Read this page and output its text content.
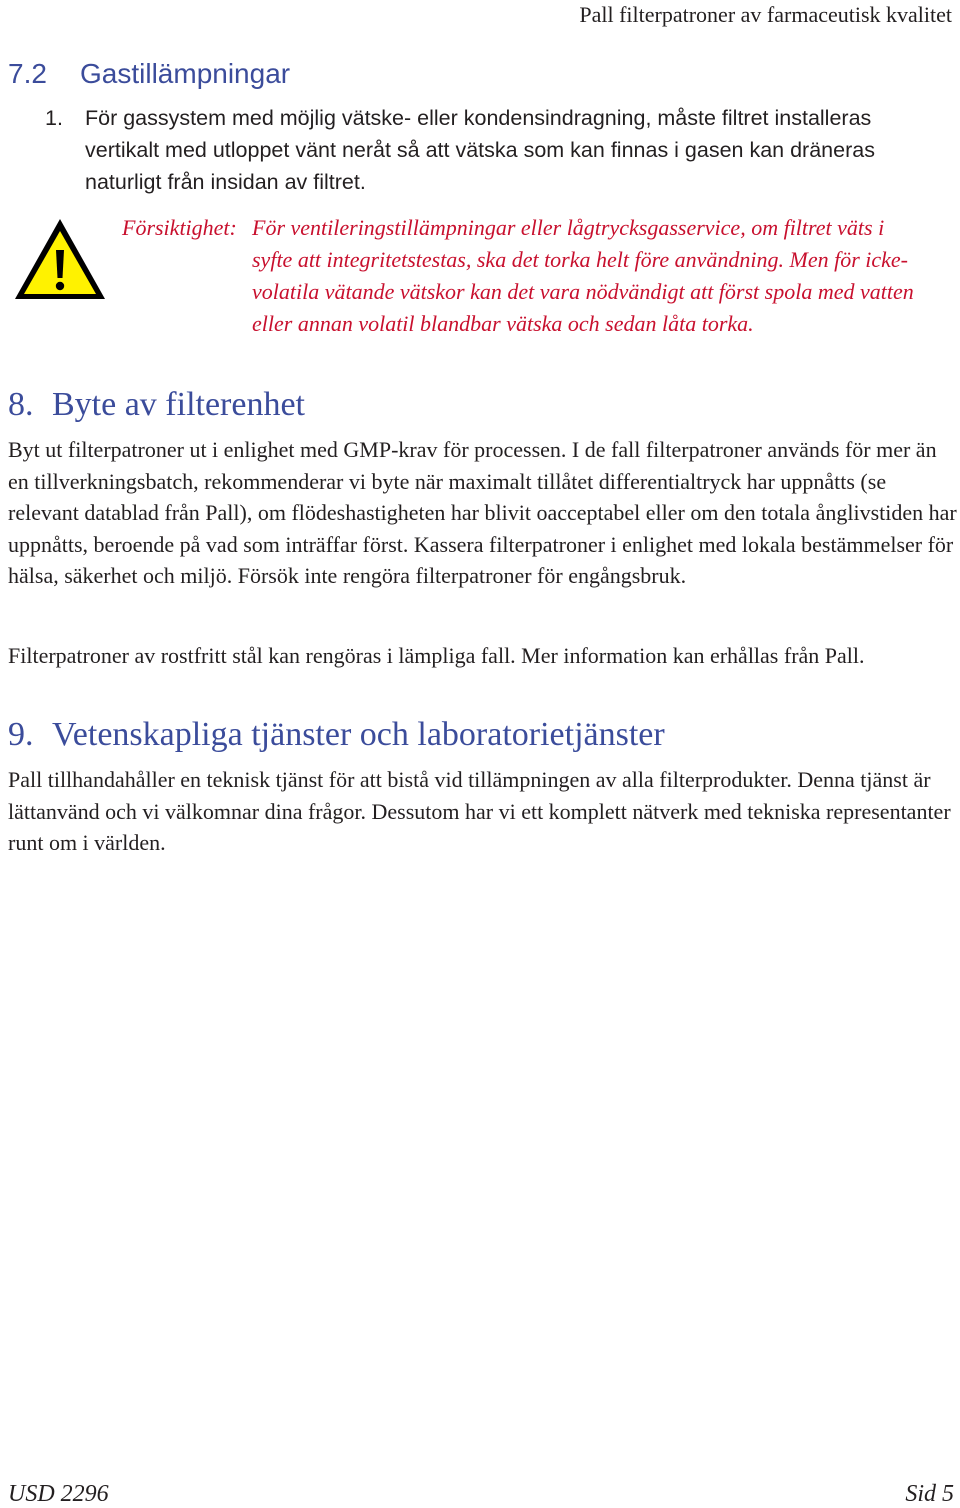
Pall filterpatroner av farmaceutisk kvalitet
7.2 Gastillämpningar
1. För gassystem med möjlig vätske- eller kondensindragning, måste filtret installeras vertikalt med utloppet vänt neråt så att vätska som kan finnas i gasen kan dräneras naturligt från insidan av filtret.
Försiktighet: För ventileringstillämpningar eller lågtrycksgasservice, om filtret väts i syfte att integritetstestas, ska det torka helt före användning. Men för icke-volatila vätande vätskor kan det vara nödvändigt att först spola med vatten eller annan volatil blandbar vätska och sedan låta torka.
8. Byte av filterenhet

Byt ut filterpatroner ut i enlighet med GMP-krav för processen. I de fall filterpatroner används för mer än en tillverkningsbatch, rekommenderar vi byte när maximalt tillåtet differentialtryck har uppnåtts (se relevant datablad från Pall), om flödeshastigheten har blivit oacceptabel eller om den totala ånglivstiden har uppnåtts, beroende på vad som inträffar först. Kassera filterpatroner i enlighet med lokala bestämmelser för hälsa, säkerhet och miljö. Försök inte rengöra filterpatroner för engångsbruk.

Filterpatroner av rostfritt stål kan rengöras i lämpliga fall. Mer information kan erhållas från Pall.

9. Vetenskapliga tjänster och laboratorietjänster

Pall tillhandahåller en teknisk tjänst för att bistå vid tillämpningen av alla filterprodukter. Denna tjänst är lättanvänd och vi välkomnar dina frågor. Dessutom har vi ett komplett nätverk med tekniska representanter runt om i världen.

USD 2296	Sid 5
